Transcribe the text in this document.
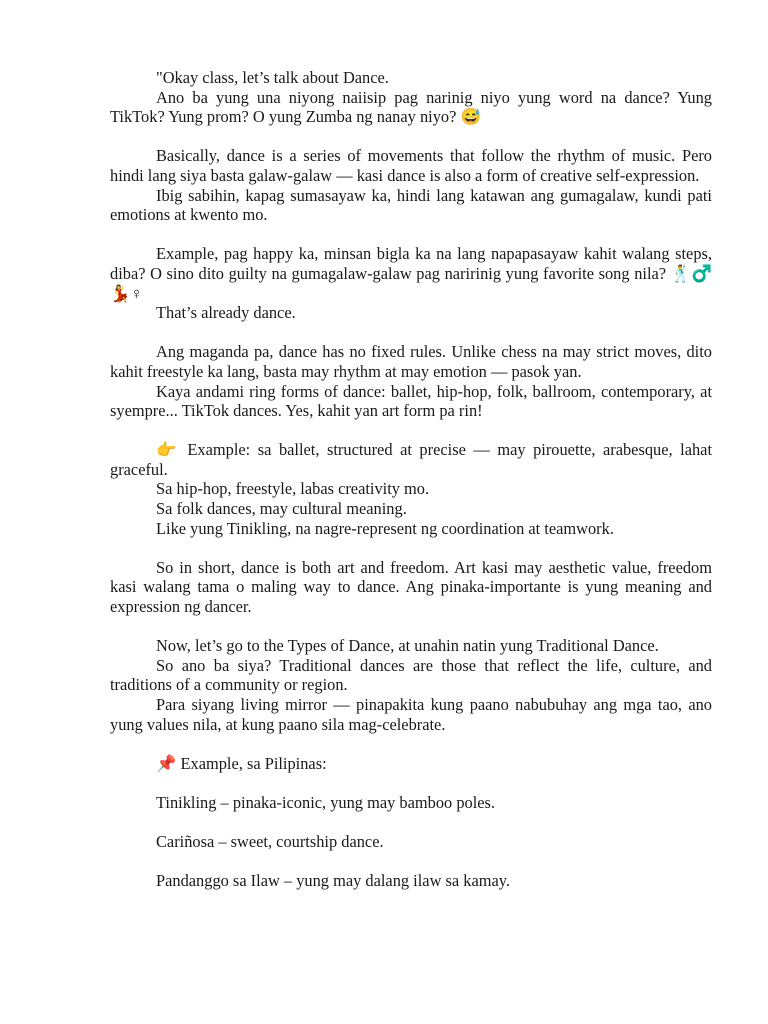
"Okay class, let’s talk about Dance.

Ano ba yung una niyong naiisip pag narinig niyo yung word na dance? Yung TikTok? Yung prom? O yung Zumba ng nanay niyo? 😅

Basically, dance is a series of movements that follow the rhythm of music. Pero hindi lang siya basta galaw-galaw — kasi dance is also a form of creative self-expression.

Ibig sabihin, kapag sumasayaw ka, hindi lang katawan ang gumagalaw, kundi pati emotions at kwento mo.

Example, pag happy ka, minsan bigla ka na lang napapasayaw kahit walang steps, diba? O sino dito guilty na gumagalaw-galaw pag naririnig yung favorite song nila? 🕺♂️💃♀

That’s already dance.

Ang maganda pa, dance has no fixed rules. Unlike chess na may strict moves, dito kahit freestyle ka lang, basta may rhythm at may emotion — pasok yan.

Kaya andami ring forms of dance: ballet, hip-hop, folk, ballroom, contemporary, at syempre... TikTok dances. Yes, kahit yan art form pa rin!

👉 Example: sa ballet, structured at precise — may pirouette, arabesque, lahat graceful.

Sa hip-hop, freestyle, labas creativity mo.

Sa folk dances, may cultural meaning.

Like yung Tinikling, na nagre-represent ng coordination at teamwork.

So in short, dance is both art and freedom. Art kasi may aesthetic value, freedom kasi walang tama o maling way to dance. Ang pinaka-importante is yung meaning and expression ng dancer.

Now, let’s go to the Types of Dance, at unahin natin yung Traditional Dance.

So ano ba siya? Traditional dances are those that reflect the life, culture, and traditions of a community or region.

Para siyang living mirror — pinapakita kung paano nabubuhay ang mga tao, ano yung values nila, at kung paano sila mag-celebrate.

📌 Example, sa Pilipinas:

Tinikling – pinaka-iconic, yung may bamboo poles.

Cariñosa – sweet, courtship dance.

Pandanggo sa Ilaw – yung may dalang ilaw sa kamay.
